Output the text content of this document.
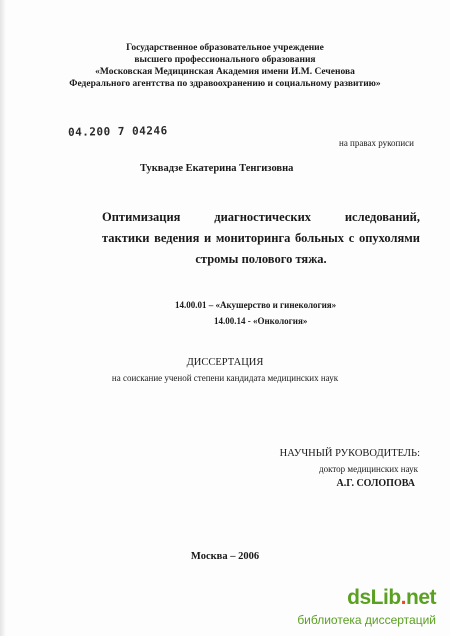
Государственное образовательное учреждение
высшего профессионального образования
«Московская Медицинская Академия имени И.М. Сеченова
Федерального агентства по здравоохранению и социальному развитию»
04.200 7 04246
на правах рукописи
Туквадзе Екатерина Тенгизовна
Оптимизация диагностических иследований,
тактики ведения и мониторинга больных с опухолями
стромы полового тяжа.
14.00.01 – «Акушерство и гинекология»
14.00.14 - «Онкология»
ДИССЕРТАЦИЯ
на соискание ученой степени кандидата медицинских наук
НАУЧНЫЙ РУКОВОДИТЕЛЬ:
доктор медицинских наук
А.Г. СОЛОПОВА
Москва – 2006
dsLib.net
библиотека диссертаций
